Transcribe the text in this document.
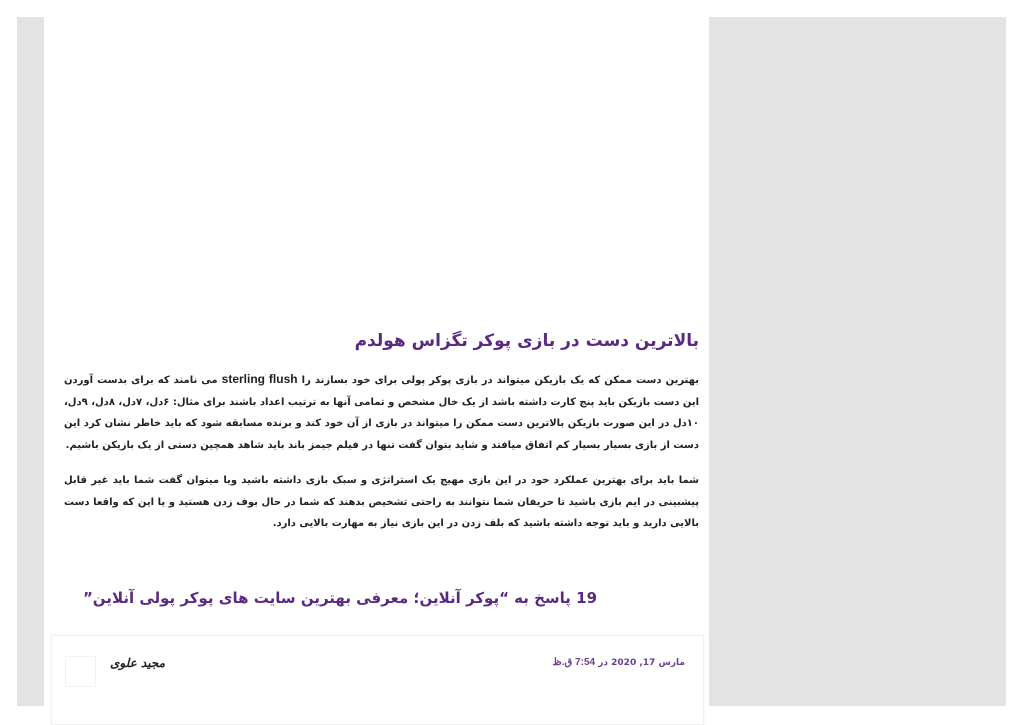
بالاترین دست در بازی پوکر تگزاس هولدم

بهترین دست ممکن که یک بازیکن میتواند در بازی پوکر پولی برای خود بسازند را sterling flush می نامند که برای بدست آوردن این دست بازیکن باید پنج کارت داشته باشد از یک خال مشخص و تمامی آنها به ترتیب اعداد باشند برای مثال: ۶دل، ۷دل، ۸دل، ۹دل، ۱۰دل در این صورت بازیکن بالاترین دست ممکن را میتواند در بازی از آن خود کند و برنده مسابقه شود که باید خاطر نشان کرد این دست از بازی بسیار بسیار کم اتفاق میافتد و شاید بتوان گفت تنها در فیلم جیمز باند باید شاهد همچین دستی از یک بازیکن باشیم.

شما باید برای بهترین عملکرد خود در این بازی مهیج یک استراتژی و سبک بازی داشته باشید ویا میتوان گفت شما باید غیر قابل پیشبینی در ایم بازی باشید تا حریفان شما نتوانند به راحتی تشخیص بدهند که شما در حال بوف زدن هستید و یا این که واقعا دست بالایی دارید و باید توجه داشته باشید که بلف زدن در این بازی نیاز به مهارت بالایی دارد.

19 پاسخ به “پوکر آنلاین؛ معرفی بهترین سایت های پوکر پولی آنلاین”
مارس 17, 2020 در 7:54 ق.ظ
مجید علوی
